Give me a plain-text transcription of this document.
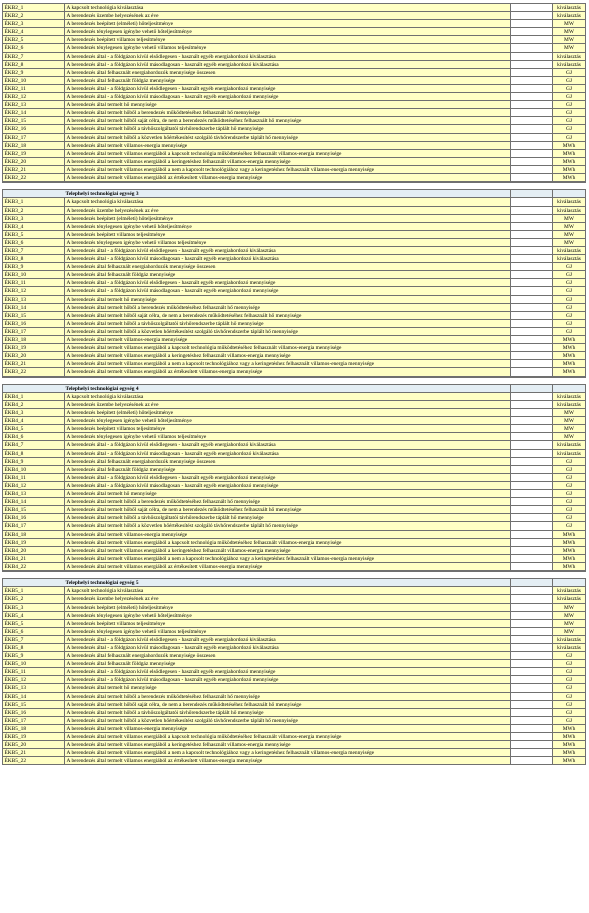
ÉKB2_1	A kapcsolt technológia kiválasztása	kiválasztás
ÉKB2_2	A berendezés üzembe helyezésének az éve	kiválasztás
ÉKB2_3	A berendezés beépített (elméleti) hőteljesítménye	MW
ÉKB2_4	A berendezés ténylegesen igénybe vehető hőteljesítménye	MW
ÉKB2_5	A berendezés beépített villamos teljesítménye	MW
ÉKB2_6	A berendezés ténylegesen igénybe vehető villamos teljesítménye	MW
ÉKB2_7	A berendezés által - a földgázon kívül elsődlegesen - használt egyéb energiahordozó kiválasztása	kiválasztás
ÉKB2_8	A berendezés által - a földgázon kívül másodlagosan - használt egyéb energiahordozó kiválasztása	kiválasztás
ÉKB2_9	A berendezés által felhasznált energiahordozók mennyisége összesen	GJ
ÉKB2_10	A berendezés által felhasznált földgáz mennyisége	GJ
ÉKB2_11	A berendezés által - a földgázon kívül elsődlegesen - használt egyéb energiahordozó mennyisége	GJ
ÉKB2_12	A berendezés által - a földgázon kívül másodlagosan - használt egyéb energiahordozó mennyisége	GJ
ÉKB2_13	A berendezés által termelt hő mennyisége	GJ
ÉKB2_14	A berendezés által termelt hőből a berendezés működtetéséhez felhasznált hő mennyisége	GJ
ÉKB2_15	A berendezés által termelt hőből saját célra, de nem a berendezés működtetéséhez felhasznált hő mennyisége	GJ
ÉKB2_16	A berendezés által termelt hőből a távhőszolgáltatói távhőrendszerbe táplált hő mennyisége	GJ
ÉKB2_17	A berendezés által termelt hőből a közvetlen hőértékesítést szolgáló távhőrendszerbe táplált hő mennyisége	GJ
ÉKB2_18	A berendezés által termelt villamos-energia mennyisége	MWh
ÉKB2_19	A berendezés által termelt villamos energiából a kapcsolt technológia működtetéséhez felhasznált villamos-energia mennyisége	MWh
ÉKB2_20	A berendezés által termelt villamos energiából a keringetéshez felhasznált villamos-energia mennyisége	MWh
ÉKB2_21	A berendezés által termelt villamos energiából a nem a kapcsolt technológiához vagy a keringetéshez felhasznált villamos-energia mennyisége	MWh
ÉKB2_22	A berendezés által termelt villamos energiából az értékesített villamos-energia mennyisége	MWh
Telephelyi technológiai egység 3
ÉKB3_1	A kapcsolt technológia kiválasztása	kiválasztás
ÉKB3_2	A berendezés üzembe helyezésének az éve	kiválasztás
ÉKB3_3	A berendezés beépített (elméleti) hőteljesítménye	MW
ÉKB3_4	A berendezés ténylegesen igénybe vehető hőteljesítménye	MW
ÉKB3_5	A berendezés beépített villamos teljesítménye	MW
ÉKB3_6	A berendezés ténylegesen igénybe vehető villamos teljesítménye	MW
ÉKB3_7	A berendezés által - a földgázon kívül elsődlegesen - használt egyéb energiahordozó kiválasztása	kiválasztás
ÉKB3_8	A berendezés által - a földgázon kívül másodlagosan - használt egyéb energiahordozó kiválasztása	kiválasztás
ÉKB3_9	A berendezés által felhasznált energiahordozók mennyisége összesen	GJ
ÉKB3_10	A berendezés által felhasznált földgáz mennyisége	GJ
ÉKB3_11	A berendezés által - a földgázon kívül elsődlegesen - használt egyéb energiahordozó mennyisége	GJ
ÉKB3_12	A berendezés által - a földgázon kívül másodlagosan - használt egyéb energiahordozó mennyisége	GJ
ÉKB3_13	A berendezés által termelt hő mennyisége	GJ
ÉKB3_14	A berendezés által termelt hőből a berendezés működtetéséhez felhasznált hő mennyisége	GJ
ÉKB3_15	A berendezés által termelt hőből saját célra, de nem a berendezés működtetéséhez felhasznált hő mennyisége	GJ
ÉKB3_16	A berendezés által termelt hőből a távhőszolgáltatói távhőrendszerbe táplált hő mennyisége	GJ
ÉKB3_17	A berendezés által termelt hőből a közvetlen hőértékesítést szolgáló távhőrendszerbe táplált hő mennyisége	GJ
ÉKB3_18	A berendezés által termelt villamos-energia mennyisége	MWh
ÉKB3_19	A berendezés által termelt villamos energiából a kapcsolt technológia működtetéséhez felhasznált villamos-energia mennyisége	MWh
ÉKB3_20	A berendezés által termelt villamos energiából a keringetéshez felhasznált villamos-energia mennyisége	MWh
ÉKB3_21	A berendezés által termelt villamos energiából a nem a kapcsolt technológiához vagy a keringetéshez felhasznált villamos-energia mennyisége	MWh
ÉKB3_22	A berendezés által termelt villamos energiából az értékesített villamos-energia mennyisége	MWh
Telephelyi technológiai egység 4
ÉKB4_1	A kapcsolt technológia kiválasztása	kiválasztás
ÉKB4_2	A berendezés üzembe helyezésének az éve	kiválasztás
ÉKB4_3	A berendezés beépített (elméleti) hőteljesítménye	MW
ÉKB4_4	A berendezés ténylegesen igénybe vehető hőteljesítménye	MW
ÉKB4_5	A berendezés beépített villamos teljesítménye	MW
ÉKB4_6	A berendezés ténylegesen igénybe vehető villamos teljesítménye	MW
ÉKB4_7	A berendezés által - a földgázon kívül elsődlegesen - használt egyéb energiahordozó kiválasztása	kiválasztás
ÉKB4_8	A berendezés által - a földgázon kívül másodlagosan - használt egyéb energiahordozó kiválasztása	kiválasztás
ÉKB4_9	A berendezés által felhasznált energiahordozók mennyisége összesen	GJ
ÉKB4_10	A berendezés által felhasznált földgáz mennyisége	GJ
ÉKB4_11	A berendezés által - a földgázon kívül elsődlegesen - használt egyéb energiahordozó mennyisége	GJ
ÉKB4_12	A berendezés által - a földgázon kívül másodlagosan - használt egyéb energiahordozó mennyisége	GJ
ÉKB4_13	A berendezés által termelt hő mennyisége	GJ
ÉKB4_14	A berendezés által termelt hőből a berendezés működtetéséhez felhasznált hő mennyisége	GJ
ÉKB4_15	A berendezés által termelt hőből saját célra, de nem a berendezés működtetéséhez felhasznált hő mennyisége	GJ
ÉKB4_16	A berendezés által termelt hőből a távhőszolgáltatói távhőrendszerbe táplált hő mennyisége	GJ
ÉKB4_17	A berendezés által termelt hőből a közvetlen hőértékesítést szolgáló távhőrendszerbe táplált hő mennyisége	GJ
ÉKB4_18	A berendezés által termelt villamos-energia mennyisége	MWh
ÉKB4_19	A berendezés által termelt villamos energiából a kapcsolt technológia működtetéséhez felhasznált villamos-energia mennyisége	MWh
ÉKB4_20	A berendezés által termelt villamos energiából a keringetéshez felhasznált villamos-energia mennyisége	MWh
ÉKB4_21	A berendezés által termelt villamos energiából a nem a kapcsolt technológiához vagy a keringetéshez felhasznált villamos-energia mennyisége	MWh
ÉKB4_22	A berendezés által termelt villamos energiából az értékesített villamos-energia mennyisége	MWh
Telephelyi technológiai egység 5
ÉKB5_1	A kapcsolt technológia kiválasztása	kiválasztás
ÉKB5_2	A berendezés üzembe helyezésének az éve	kiválasztás
ÉKB5_3	A berendezés beépített (elméleti) hőteljesítménye	MW
ÉKB5_4	A berendezés ténylegesen igénybe vehető hőteljesítménye	MW
ÉKB5_5	A berendezés beépített villamos teljesítménye	MW
ÉKB5_6	A berendezés ténylegesen igénybe vehető villamos teljesítménye	MW
ÉKB5_7	A berendezés által - a földgázon kívül elsődlegesen - használt egyéb energiahordozó kiválasztása	kiválasztás
ÉKB5_8	A berendezés által - a földgázon kívül másodlagosan - használt egyéb energiahordozó kiválasztása	kiválasztás
ÉKB5_9	A berendezés által felhasznált energiahordozók mennyisége összesen	GJ
ÉKB5_10	A berendezés által felhasznált földgáz mennyisége	GJ
ÉKB5_11	A berendezés által - a földgázon kívül elsődlegesen - használt egyéb energiahordozó mennyisége	GJ
ÉKB5_12	A berendezés által - a földgázon kívül másodlagosan - használt egyéb energiahordozó mennyisége	GJ
ÉKB5_13	A berendezés által termelt hő mennyisége	GJ
ÉKB5_14	A berendezés által termelt hőből a berendezés működtetéséhez felhasznált hő mennyisége	GJ
ÉKB5_15	A berendezés által termelt hőből saját célra, de nem a berendezés működtetéséhez felhasznált hő mennyisége	GJ
ÉKB5_16	A berendezés által termelt hőből a távhőszolgáltatói távhőrendszerbe táplált hő mennyisége	GJ
ÉKB5_17	A berendezés által termelt hőből a közvetlen hőértékesítést szolgáló távhőrendszerbe táplált hő mennyisége	GJ
ÉKB5_18	A berendezés által termelt villamos-energia mennyisége	MWh
ÉKB5_19	A berendezés által termelt villamos energiából a kapcsolt technológia működtetéséhez felhasznált villamos-energia mennyisége	MWh
ÉKB5_20	A berendezés által termelt villamos energiából a keringetéshez felhasznált villamos-energia mennyisége	MWh
ÉKB5_21	A berendezés által termelt villamos energiából a nem a kapcsolt technológiához vagy a keringetéshez felhasznált villamos-energia mennyisége	MWh
ÉKB5_22	A berendezés által termelt villamos energiából az értékesített villamos-energia mennyisége	MWh
